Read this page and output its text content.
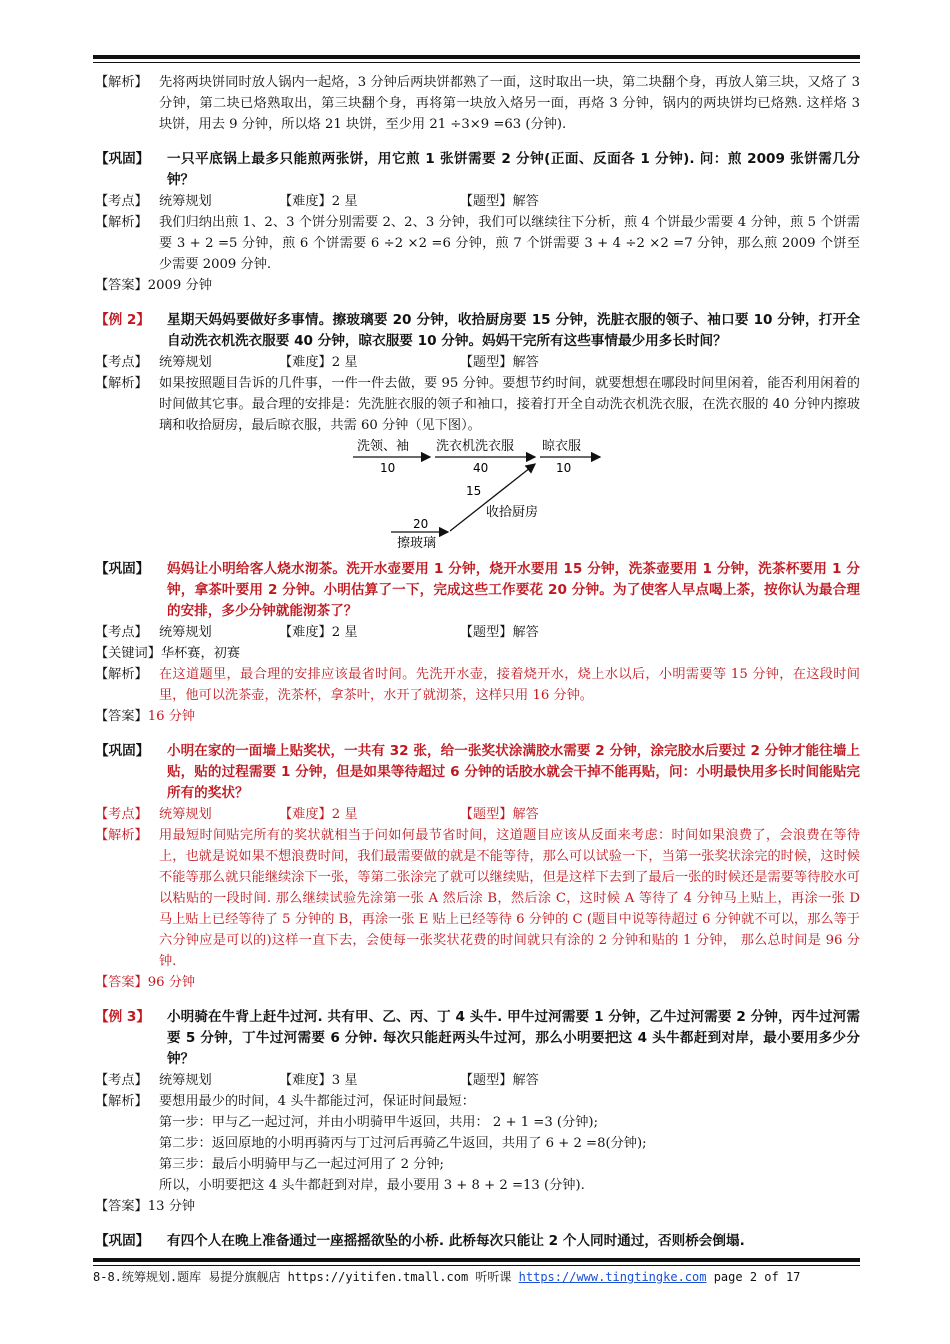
【解析】 先将两块饼同时放人锅内一起烙，3 分钟后两块饼都熟了一面，这时取出一块，第二块翻个身，再放人第三块，又烙了 3 分钟，第二块已烙熟取出，第三块翻个身，再将第一块放入烙另一面，再烙 3 分钟，锅内的两块饼均已烙熟. 这样烙 3 块饼，用去 9 分钟，所以烙 21 块饼，至少用 21 ÷3×9 =63 (分钟).
【巩固】	一只平底锅上最多只能煎两张饼，用它煎 1 张饼需要 2 分钟(正面、反面各 1 分钟). 问：煎 2009 张饼需几分钟？
【考点】 统筹规划	【难度】 2 星	【题型】 解答
【解析】 我们归纳出煎 1、2、3 个饼分别需要 2、2、3 分钟，我们可以继续往下分析，煎 4 个饼最少需要 4 分钟，煎 5 个饼需要 3 + 2 =5 分钟，煎 6 个饼需要 6 ÷2 ×2 =6 分钟，煎 7 个饼需要 3 + 4 ÷2 ×2 =7 分钟，那么煎 2009 个饼至少需要 2009 分钟.
【答案】 2009 分钟
【例 2】	星期天妈妈要做好多事情。擦玻璃要 20 分钟，收拾厨房要 15 分钟，洗脏衣服的领子、袖口要 10 分钟，打开全自动洗衣机洗衣服要 40 分钟，晾衣服要 10 分钟。妈妈干完所有这些事情最少用多长时间？
【考点】 统筹规划	【难度】 2 星	【题型】 解答
【解析】 如果按照题目告诉的几件事，一件一件去做，要 95 分钟。要想节约时间，就要想想在哪段时间里闲着，能否利用闲着的时间做其它事。最合理的安排是：先洗脏衣服的领子和袖口，接着打开全自动洗衣机洗衣服，在洗衣服的 40 分钟内擦玻璃和收拾厨房，最后晾衣服，共需 60 分钟（见下图）。
洗领、袖
10
洗衣机洗衣服
40
晾衣服
10
15
收拾厨房
20
擦玻璃
【巩固】	妈妈让小明给客人烧水沏茶。洗开水壶要用 1 分钟，烧开水要用 15 分钟，洗茶壶要用 1 分钟，洗茶杯要用 1 分钟，拿茶叶要用 2 分钟。小明估算了一下，完成这些工作要花 20 分钟。为了使客人早点喝上茶，按你认为最合理的安排，多少分钟就能沏茶了？
【考点】 统筹规划	【难度】 2 星	【题型】 解答
【关键词】 华杯赛，初赛
【解析】 在这道题里，最合理的安排应该最省时间。先洗开水壶，接着烧开水，烧上水以后，小明需要等 15 分钟，在这段时间里，他可以洗茶壶，洗茶杯，拿茶叶，水开了就沏茶，这样只用 16 分钟。
【答案】 16 分钟
【巩固】	小明在家的一面墙上贴奖状，一共有 32 张，给一张奖状涂满胶水需要 2 分钟，涂完胶水后要过 2 分钟才能往墙上贴，贴的过程需要 1 分钟，但是如果等待超过 6 分钟的话胶水就会干掉不能再贴，问：小明最快用多长时间能贴完所有的奖状？
【考点】 统筹规划	【难度】 2 星	【题型】 解答
【解析】 用最短时间贴完所有的奖状就相当于问如何最节省时间，这道题目应该从反面来考虑：时间如果浪费了，会浪费在等待上，也就是说如果不想浪费时间，我们最需要做的就是不能等待，那么可以试验一下，当第一张奖状涂完的时候，这时候不能等那么就只能继续涂下一张，等第二张涂完了就可以继续贴，但是这样下去到了最后一张的时候还是需要等待胶水可以粘贴的一段时间. 那么继续试验先涂第一张 A 然后涂 B，然后涂 C，这时候 A 等待了 4 分钟马上贴上，再涂一张 D 马上贴上已经等待了 5 分钟的 B，再涂一张 E 贴上已经等待 6 分钟的 C (题目中说等待超过 6 分钟就不可以，那么等于六分钟应是可以的)这样一直下去，会使每一张奖状花费的时间就只有涂的 2 分钟和贴的 1 分钟， 那么总时间是 96 分钟.
【答案】 96 分钟
【例 3】	小明骑在牛背上赶牛过河. 共有甲、乙、丙、丁 4 头牛. 甲牛过河需要 1 分钟，乙牛过河需要 2 分钟，丙牛过河需要 5 分钟，丁牛过河需要 6 分钟. 每次只能赶两头牛过河，那么小明要把这 4 头牛都赶到对岸，最小要用多少分钟？
【考点】 统筹规划	【难度】 3 星	【题型】 解答
【解析】 要想用最少的时间，4 头牛都能过河，保证时间最短：
第一步：甲与乙一起过河，并由小明骑甲牛返回，共用： 2 + 1 =3 (分钟);
第二步：返回原地的小明再骑丙与丁过河后再骑乙牛返回，共用了 6 + 2 =8(分钟);
第三步：最后小明骑甲与乙一起过河用了 2 分钟;
所以，小明要把这 4 头牛都赶到对岸，最小要用 3 + 8 + 2 =13 (分钟).
【答案】 13 分钟
【巩固】	有四个人在晚上准备通过一座摇摇欲坠的小桥. 此桥每次只能让 2 个人同时通过，否则桥会倒塌.
8-8.统筹规划.题库 易提分旗舰店 https://yitifen.tmall.com 听听课 https://www.tingtingke.com page 2 of 17
